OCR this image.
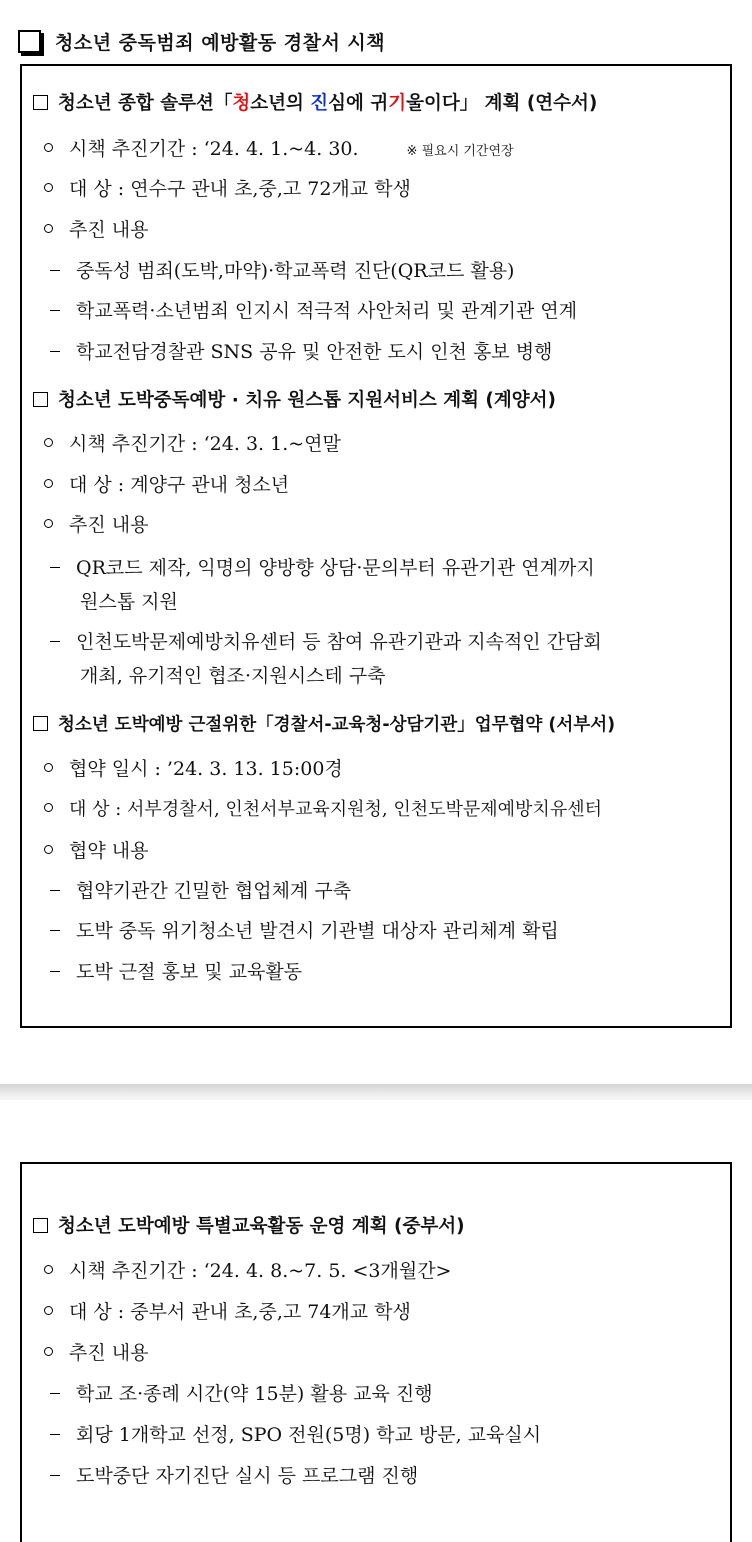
청소년 중독범죄 예방활동 경찰서 시책
청소년 종합 솔루션「청소년의 진심에 귀기울이다」 계획 (연수서)
시책 추진기간 : ‘24. 4. 1.~4. 30.	※ 필요시 기간연장
대 상 : 연수구 관내 초,중,고 72개교 학생
추진 내용
중독성 범죄(도박,마약)·학교폭력 진단(QR코드 활용)
학교폭력·소년범죄 인지시 적극적 사안처리 및 관계기관 연계
학교전담경찰관 SNS 공유 및 안전한 도시 인천 홍보 병행
청소년 도박중독예방 · 치유 원스톱 지원서비스 계획 (계양서)
시책 추진기간 : ‘24. 3. 1.~연말
대 상 : 계양구 관내 청소년
추진 내용
QR코드 제작, 익명의 양방향 상담·문의부터 유관기관 연계까지
원스톱 지원
인천도박문제예방치유센터 등 참여 유관기관과 지속적인 간담회
개최, 유기적인 협조·지원시스테 구축
청소년 도박예방 근절위한「경찰서-교육청-상담기관」업무협약 (서부서)
협약 일시 : ’24. 3. 13. 15:00경
대 상 : 서부경찰서, 인천서부교육지원청, 인천도박문제예방치유센터
협약 내용
협약기관간 긴밀한 협업체계 구축
도박 중독 위기청소년 발견시 기관별 대상자 관리체계 확립
도박 근절 홍보 및 교육활동
청소년 도박예방 특별교육활동 운영 계획 (중부서)
시책 추진기간 : ‘24. 4. 8.~7. 5. <3개월간>
대 상 : 중부서 관내 초,중,고 74개교 학생
추진 내용
학교 조·종례 시간(약 15분) 활용 교육 진행
회당 1개학교 선정, SPO 전원(5명) 학교 방문, 교육실시
도박중단 자기진단 실시 등 프로그램 진행
